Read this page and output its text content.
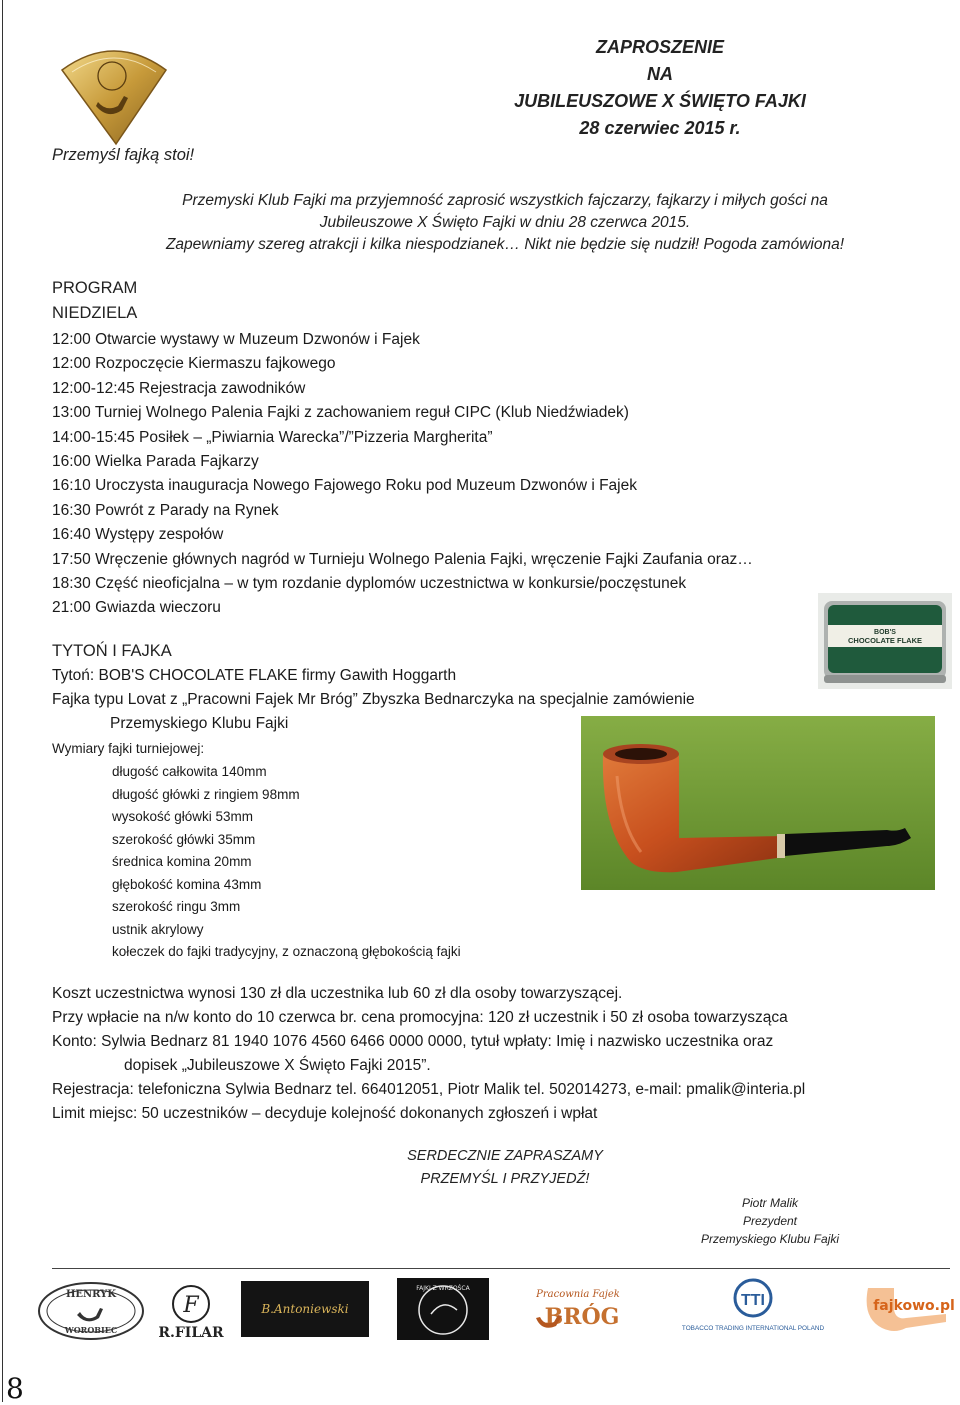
Przemyśl fajką stoi!
ZAPROSZENIE
NA
JUBILEUSZOWE X ŚWIĘTO FAJKI
28 czerwiec 2015 r.
Przemyski Klub Fajki ma przyjemność zaprosić wszystkich fajczarzy, fajkarzy i miłych gości na
Jubileuszowe X Święto Fajki w dniu 28 czerwca 2015.
Zapewniamy szereg atrakcji i kilka niespodzianek… Nikt nie będzie się nudził! Pogoda zamówiona!
PROGRAM
NIEDZIELA
12:00 Otwarcie wystawy w Muzeum Dzwonów i Fajek
12:00 Rozpoczęcie Kiermaszu fajkowego
12:00-12:45 Rejestracja zawodników
13:00 Turniej Wolnego Palenia Fajki z zachowaniem reguł CIPC (Klub Niedźwiadek)
14:00-15:45 Posiłek – „Piwiarnia Warecka”/”Pizzeria Margherita”
16:00 Wielka Parada Fajkarzy
16:10 Uroczysta inauguracja Nowego Fajowego Roku pod Muzeum Dzwonów i Fajek
16:30 Powrót z Parady na Rynek
16:40 Występy zespołów
17:50 Wręczenie głównych nagród w Turnieju Wolnego Palenia Fajki, wręczenie Fajki Zaufania oraz…
18:30 Część nieoficjalna – w tym rozdanie dyplomów uczestnictwa w konkursie/poczęstunek
21:00 Gwiazda wieczoru
BOB'S
CHOCOLATE FLAKE
TYTOŃ I FAJKA
Tytoń: BOB'S CHOCOLATE FLAKE firmy Gawith Hoggarth
Fajka typu Lovat z „Pracowni Fajek Mr Bróg” Zbyszka Bednarczyka na specjalnie zamówienie
Przemyskiego Klubu Fajki
Wymiary fajki turniejowej:
długość całkowita 140mm
długość główki z ringiem 98mm
wysokość główki 53mm
szerokość główki 35mm
średnica komina 20mm
głębokość komina 43mm
szerokość ringu 3mm
ustnik akrylowy
kołeczek do fajki tradycyjny, z oznaczoną głębokością fajki
Koszt uczestnictwa wynosi 130 zł dla uczestnika lub 60 zł dla osoby towarzyszącej.
Przy wpłacie na n/w konto do 10 czerwca br. cena promocyjna: 120 zł uczestnik i 50 zł osoba towarzysząca
Konto: Sylwia Bednarz 81 1940 1076 4560 6466 0000 0000, tytuł wpłaty: Imię i nazwisko uczestnika oraz
dopisek „Jubileuszowe X Święto Fajki 2015”.
Rejestracja: telefoniczna Sylwia Bednarz tel. 664012051, Piotr Malik tel. 502014273, e-mail: pmalik@interia.pl
Limit miejsc: 50 uczestników – decyduje kolejność dokonanych zgłoszeń i wpłat
SERDECZNIE ZAPRASZAMY
PRZEMYŚL I PRZYJEDŹ!
Piotr Malik
Prezydent
Przemyskiego Klubu Fajki
HENRYK
WOROBIEC
F
R.FILAR
B.Antoniewski
FAJKI Z WRZOŚCA
Pracownia Fajek
BRÓG
TTI
TOBACCO TRADING INTERNATIONAL POLAND
fajkowo.pl
8
